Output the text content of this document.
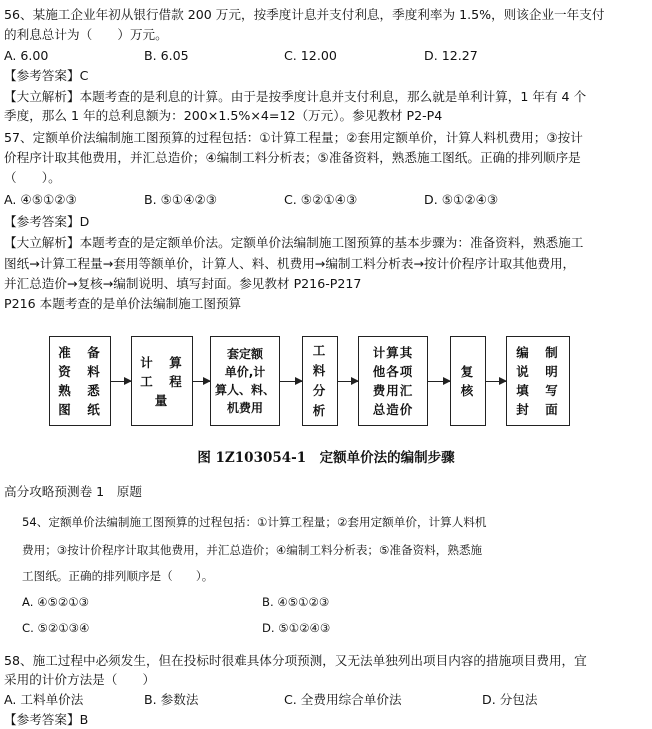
56、某施工企业年初从银行借款 200 万元，按季度计息并支付利息，季度利率为 1.5%，则该企业一年支付
的利息总计为（　　）万元。
A. 6.00	B. 6.05	C. 12.00	D. 12.27
【参考答案】C
【大立解析】本题考查的是利息的计算。由于是按季度计息并支付利息，那么就是单利计算，1 年有 4 个
季度，那么 1 年的总利息额为：200×1.5%×4=12（万元）。参见教材 P2-P4
57、定额单价法编制施工图预算的过程包括：①计算工程量；②套用定额单价，计算人料机费用；③按计
价程序计取其他费用，并汇总造价；④编制工料分析表；⑤准备资料，熟悉施工图纸。正确的排列顺序是
（　　）。
A. ④⑤①②③	B. ⑤①④②③	C. ⑤②①④③	D. ⑤①②④③
【参考答案】D
【大立解析】本题考查的是定额单价法。定额单价法编制施工图预算的基本步骤为：准备资料，熟悉施工
图纸→计算工程量→套用等额单价，计算人、料、机费用→编制工料分析表→按计价程序计取其他费用，
并汇总造价→复核→编制说明、填写封面。参见教材 P216-P217
P216 本题考查的是单价法编制施工图预算
准　备
资　料
熟　悉
图　纸
计　算
工　程
量
套定额
单价,计
算人、料、
机费用
工
料
分
析
计算其
他各项
费用汇
总造价
复
核
编　制
说　明
填　写
封　面
图 1Z103054-1　定额单价法的编制步骤
高分攻略预测卷 1　原题
54、定额单价法编制施工图预算的过程包括：①计算工程量；②套用定额单价，计算人料机
费用；③按计价程序计取其他费用，并汇总造价；④编制工料分析表；⑤准备资料，熟悉施
工图纸。正确的排列顺序是（　　）。
A. ④⑤②①③	B. ④⑤①②③
C. ⑤②①③④	D. ⑤①②④③
58、施工过程中必须发生，但在投标时很难具体分项预测，又无法单独列出项目内容的措施项目费用，宜
采用的计价方法是（　　）
A. 工料单价法	B. 参数法	C. 全费用综合单价法	D. 分包法
【参考答案】B
